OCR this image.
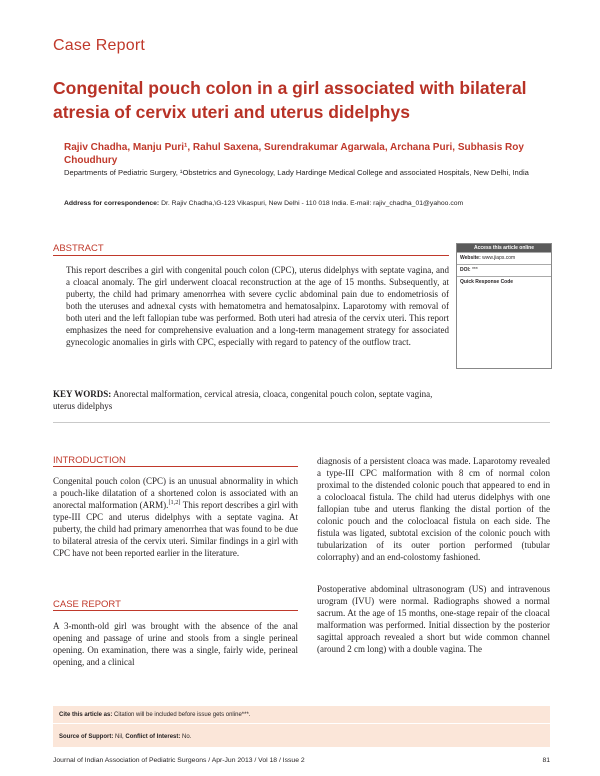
Case Report
Congenital pouch colon in a girl associated with bilateral atresia of cervix uteri and uterus didelphys
Rajiv Chadha, Manju Puri¹, Rahul Saxena, Surendrakumar Agarwala, Archana Puri, Subhasis Roy Choudhury
Departments of Pediatric Surgery, ¹Obstetrics and Gynecology, Lady Hardinge Medical College and associated Hospitals, New Delhi, India
Address for correspondence: Dr. Rajiv Chadha,\G-123 Vikaspuri, New Delhi - 110 018 India. E-mail: rajiv_chadha_01@yahoo.com
ABSTRACT
This report describes a girl with congenital pouch colon (CPC), uterus didelphys with septate vagina, and a cloacal anomaly. The girl underwent cloacal reconstruction at the age of 15 months. Subsequently, at puberty, the child had primary amenorrhea with severe cyclic abdominal pain due to endometriosis of both the uteruses and adnexal cysts with hematometra and hematosalpinx. Laparotomy with removal of both uteri and the left fallopian tube was performed. Both uteri had atresia of the cervix uteri. This report emphasizes the need for comprehensive evaluation and a long-term management strategy for associated gynecologic anomalies in girls with CPC, especially with regard to patency of the outflow tract.
Access this article online
Website: www.jiaps.com
DOI: ***
Quick Response Code
KEY WORDS: Anorectal malformation, cervical atresia, cloaca, congenital pouch colon, septate vagina, uterus didelphys
INTRODUCTION
Congenital pouch colon (CPC) is an unusual abnormality in which a pouch-like dilatation of a shortened colon is associated with an anorectal malformation (ARM).[1,2] This report describes a girl with type-III CPC and uterus didelphys with a septate vagina. At puberty, the child had primary amenorrhea that was found to be due to bilateral atresia of the cervix uteri. Similar findings in a girl with CPC have not been reported earlier in the literature.
CASE REPORT
A 3-month-old girl was brought with the absence of the anal opening and passage of urine and stools from a single perineal opening. On examination, there was a single, fairly wide, perineal opening, and a clinical
diagnosis of a persistent cloaca was made. Laparotomy revealed a type-III CPC malformation with 8 cm of normal colon proximal to the distended colonic pouch that appeared to end in a colocloacal fistula. The child had uterus didelphys with one fallopian tube and uterus flanking the distal portion of the colonic pouch and the colocloacal fistula on each side. The fistula was ligated, subtotal excision of the colonic pouch with tubularization of its outer portion performed (tubular colorraphy) and an end-colostomy fashioned.
Postoperative abdominal ultrasonogram (US) and intravenous urogram (IVU) were normal. Radiographs showed a normal sacrum. At the age of 15 months, one-stage repair of the cloacal malformation was performed. Initial dissection by the posterior sagittal approach revealed a short but wide common channel (around 2 cm long) with a double vagina. The
Cite this article as: Citation will be included before issue gets online***.
Source of Support: Nil, Conflict of Interest: No.
Journal of Indian Association of Pediatric Surgeons / Apr-Jun 2013 / Vol 18 / Issue 2	81
